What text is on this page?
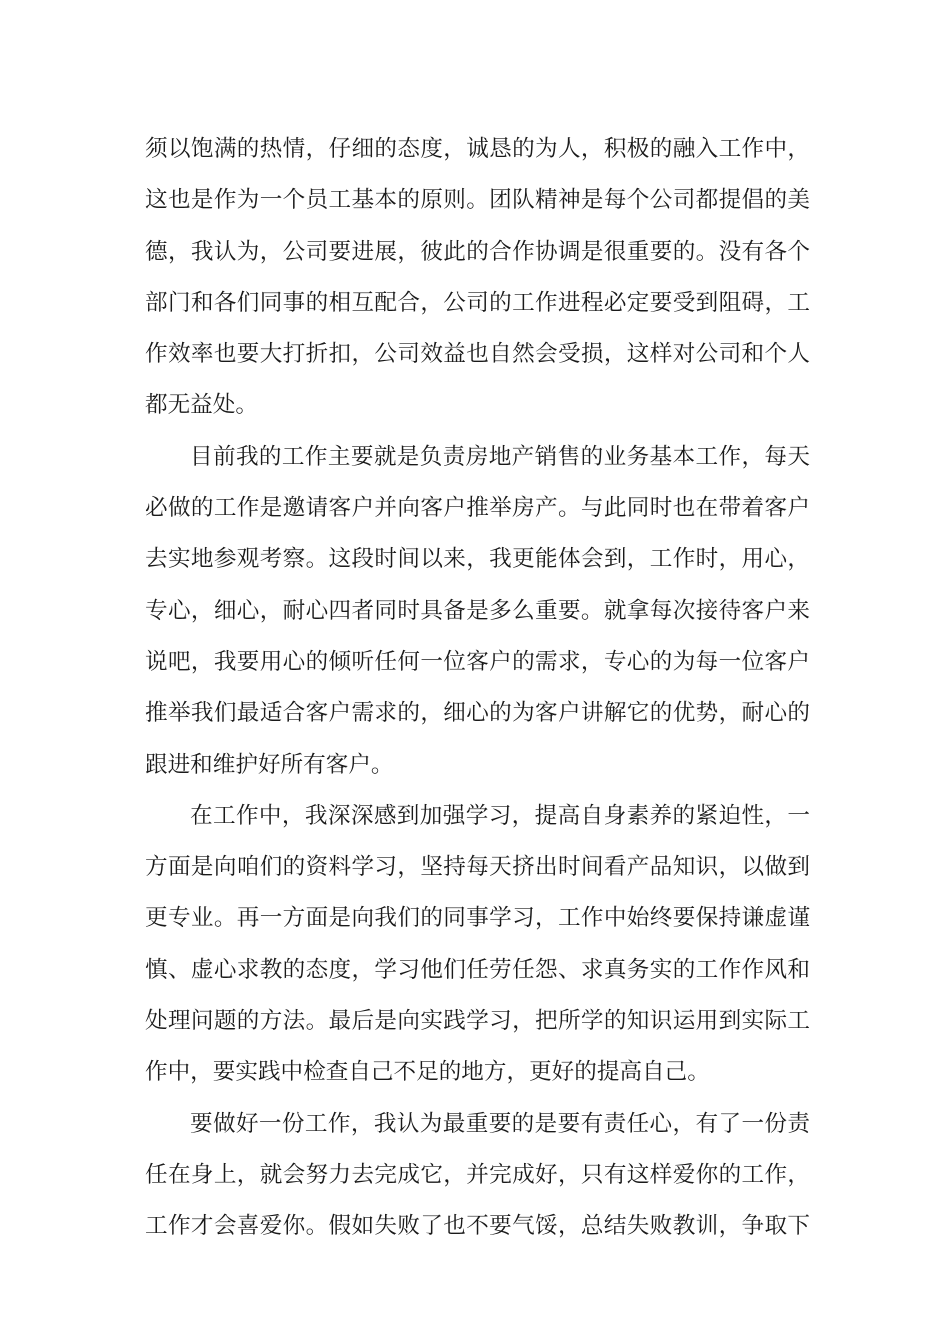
须以饱满的热情，仔细的态度，诚恳的为人，积极的融入工作中，
这也是作为一个员工基本的原则。团队精神是每个公司都提倡的美
德，我认为，公司要进展，彼此的合作协调是很重要的。没有各个
部门和各们同事的相互配合，公司的工作进程必定要受到阻碍，工
作效率也要大打折扣，公司效益也自然会受损，这样对公司和个人
都无益处。
目前我的工作主要就是负责房地产销售的业务基本工作，每天
必做的工作是邀请客户并向客户推举房产。与此同时也在带着客户
去实地参观考察。这段时间以来，我更能体会到，工作时，用心，
专心，细心，耐心四者同时具备是多么重要。就拿每次接待客户来
说吧，我要用心的倾听任何一位客户的需求，专心的为每一位客户
推举我们最适合客户需求的，细心的为客户讲解它的优势，耐心的
跟进和维护好所有客户。
在工作中，我深深感到加强学习，提高自身素养的紧迫性，一
方面是向咱们的资料学习，坚持每天挤出时间看产品知识，以做到
更专业。再一方面是向我们的同事学习，工作中始终要保持谦虚谨
慎、虚心求教的态度，学习他们任劳任怨、求真务实的工作作风和
处理问题的方法。最后是向实践学习，把所学的知识运用到实际工
作中，要实践中检查自己不足的地方，更好的提高自己。
要做好一份工作，我认为最重要的是要有责任心，有了一份责
任在身上，就会努力去完成它，并完成好，只有这样爱你的工作，
工作才会喜爱你。假如失败了也不要气馁，总结失败教训，争取下
